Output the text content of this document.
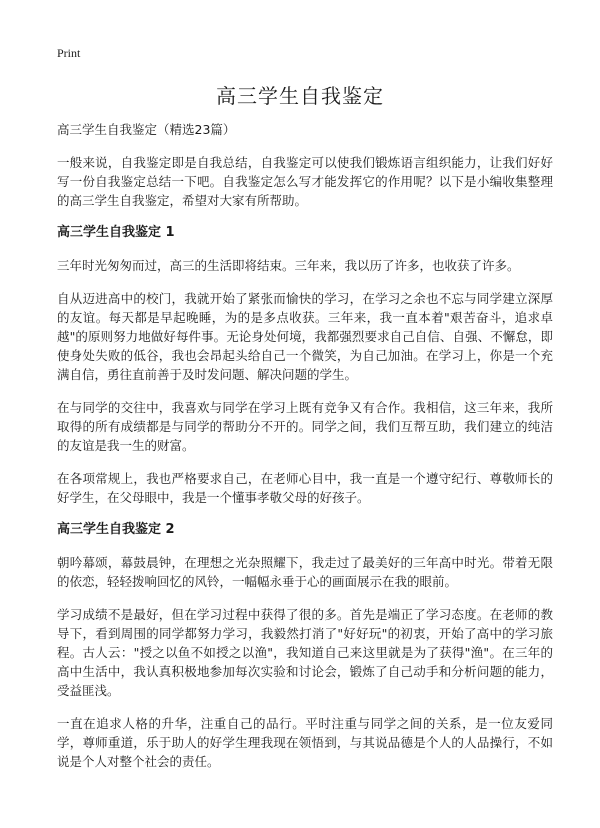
Print
高三学生自我鉴定

高三学生自我鉴定（精选23篇）

一般来说，自我鉴定即是自我总结，自我鉴定可以使我们锻炼语言组织能力，让我们好好写一份自我鉴定总结一下吧。自我鉴定怎么写才能发挥它的作用呢？以下是小编收集整理的高三学生自我鉴定，希望对大家有所帮助。

高三学生自我鉴定 1

三年时光匆匆而过，高三的生活即将结束。三年来，我以历了许多，也收获了许多。

自从迈进高中的校门，我就开始了紧张而愉快的学习，在学习之余也不忘与同学建立深厚的友谊。每天都是早起晚睡，为的是多点收获。三年来，我一直本着"艰苦奋斗，追求卓越"的原则努力地做好每件事。无论身处何境，我都强烈要求自己自信、自强、不懈怠，即使身处失败的低谷，我也会昂起头给自己一个微笑，为自己加油。在学习上，你是一个充满自信，勇往直前善于及时发问题、解决问题的学生。

在与同学的交往中，我喜欢与同学在学习上既有竞争又有合作。我相信，这三年来，我所取得的所有成绩都是与同学的帮助分不开的。同学之间，我们互帮互助，我们建立的纯洁的友谊是我一生的财富。

在各项常规上，我也严格要求自己，在老师心目中，我一直是一个遵守纪行、尊敬师长的好学生，在父母眼中，我是一个懂事孝敬父母的好孩子。

高三学生自我鉴定 2

朝吟幕颂，幕鼓晨钟，在理想之光杂照耀下，我走过了最美好的三年高中时光。带着无限的依恋，轻轻拨响回忆的风铃，一幅幅永垂于心的画面展示在我的眼前。

学习成绩不是最好，但在学习过程中获得了很的多。首先是端正了学习态度。在老师的教导下，看到周围的同学都努力学习，我毅然打消了"好好玩"的初衷，开始了高中的学习旅程。古人云："授之以鱼不如授之以渔"，我知道自己来这里就是为了获得"渔"。在三年的高中生活中，我认真积极地参加每次实验和讨论会，锻炼了自己动手和分析问题的能力，受益匪浅。

一直在追求人格的升华，注重自己的品行。平时注重与同学之间的关系，是一位友爱同学，尊师重道，乐于助人的好学生理我现在领悟到，与其说品德是个人的人品操行，不如说是个人对整个社会的责任。
